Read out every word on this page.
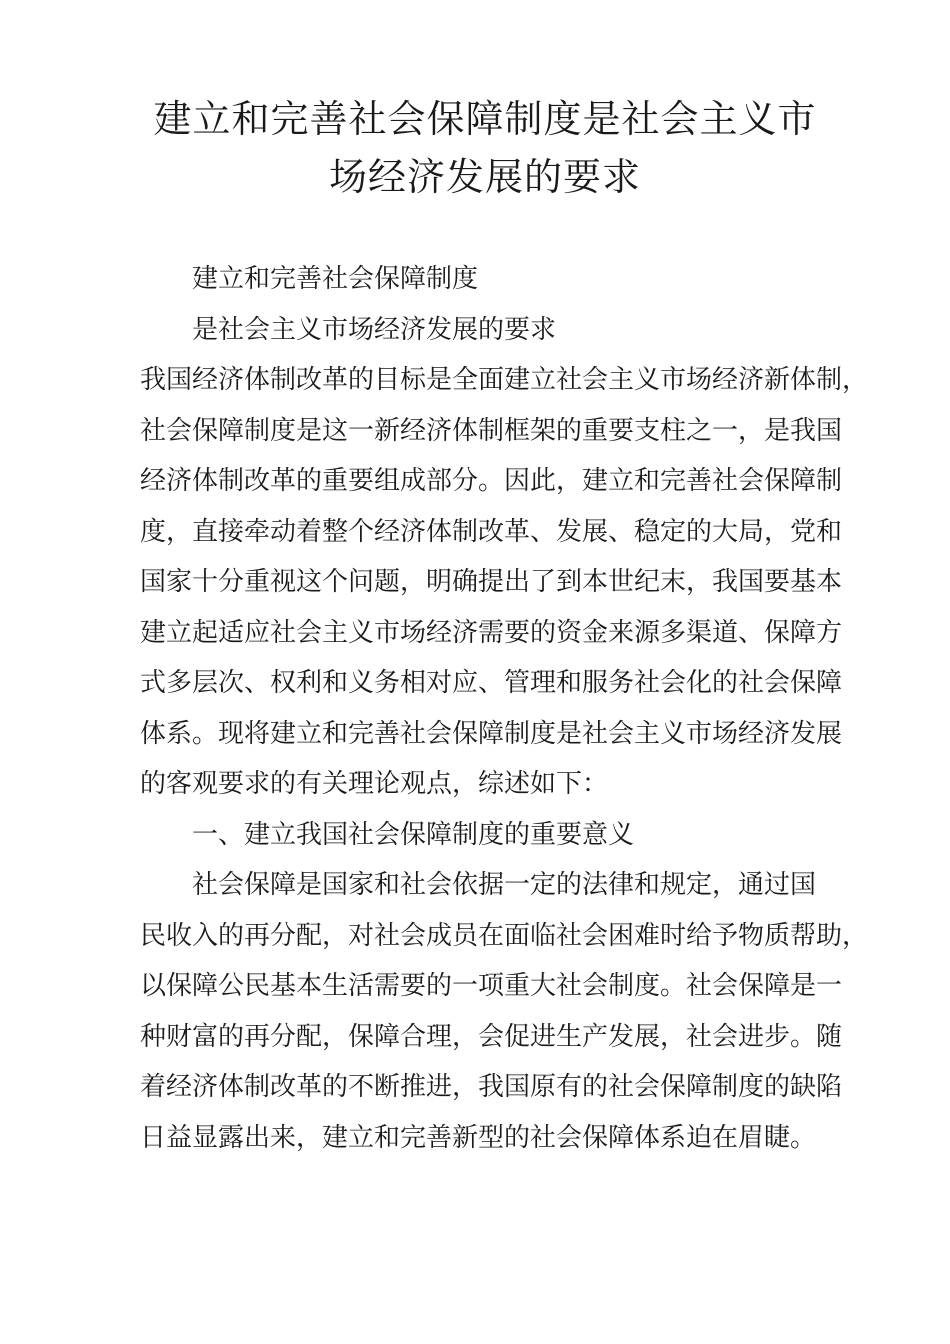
建立和完善社会保障制度是社会主义市
场经济发展的要求
建立和完善社会保障制度
是社会主义市场经济发展的要求
我国经济体制改革的目标是全面建立社会主义市场经济新体制，
社会保障制度是这一新经济体制框架的重要支柱之一，是我国
经济体制改革的重要组成部分。因此，建立和完善社会保障制
度，直接牵动着整个经济体制改革、发展、稳定的大局，党和
国家十分重视这个问题，明确提出了到本世纪末，我国要基本
建立起适应社会主义市场经济需要的资金来源多渠道、保障方
式多层次、权利和义务相对应、管理和服务社会化的社会保障
体系。现将建立和完善社会保障制度是社会主义市场经济发展
的客观要求的有关理论观点，综述如下：
一、建立我国社会保障制度的重要意义
社会保障是国家和社会依据一定的法律和规定，通过国
民收入的再分配，对社会成员在面临社会困难时给予物质帮助，
以保障公民基本生活需要的一项重大社会制度。社会保障是一
种财富的再分配，保障合理，会促进生产发展，社会进步。随
着经济体制改革的不断推进，我国原有的社会保障制度的缺陷
日益显露出来，建立和完善新型的社会保障体系迫在眉睫。
